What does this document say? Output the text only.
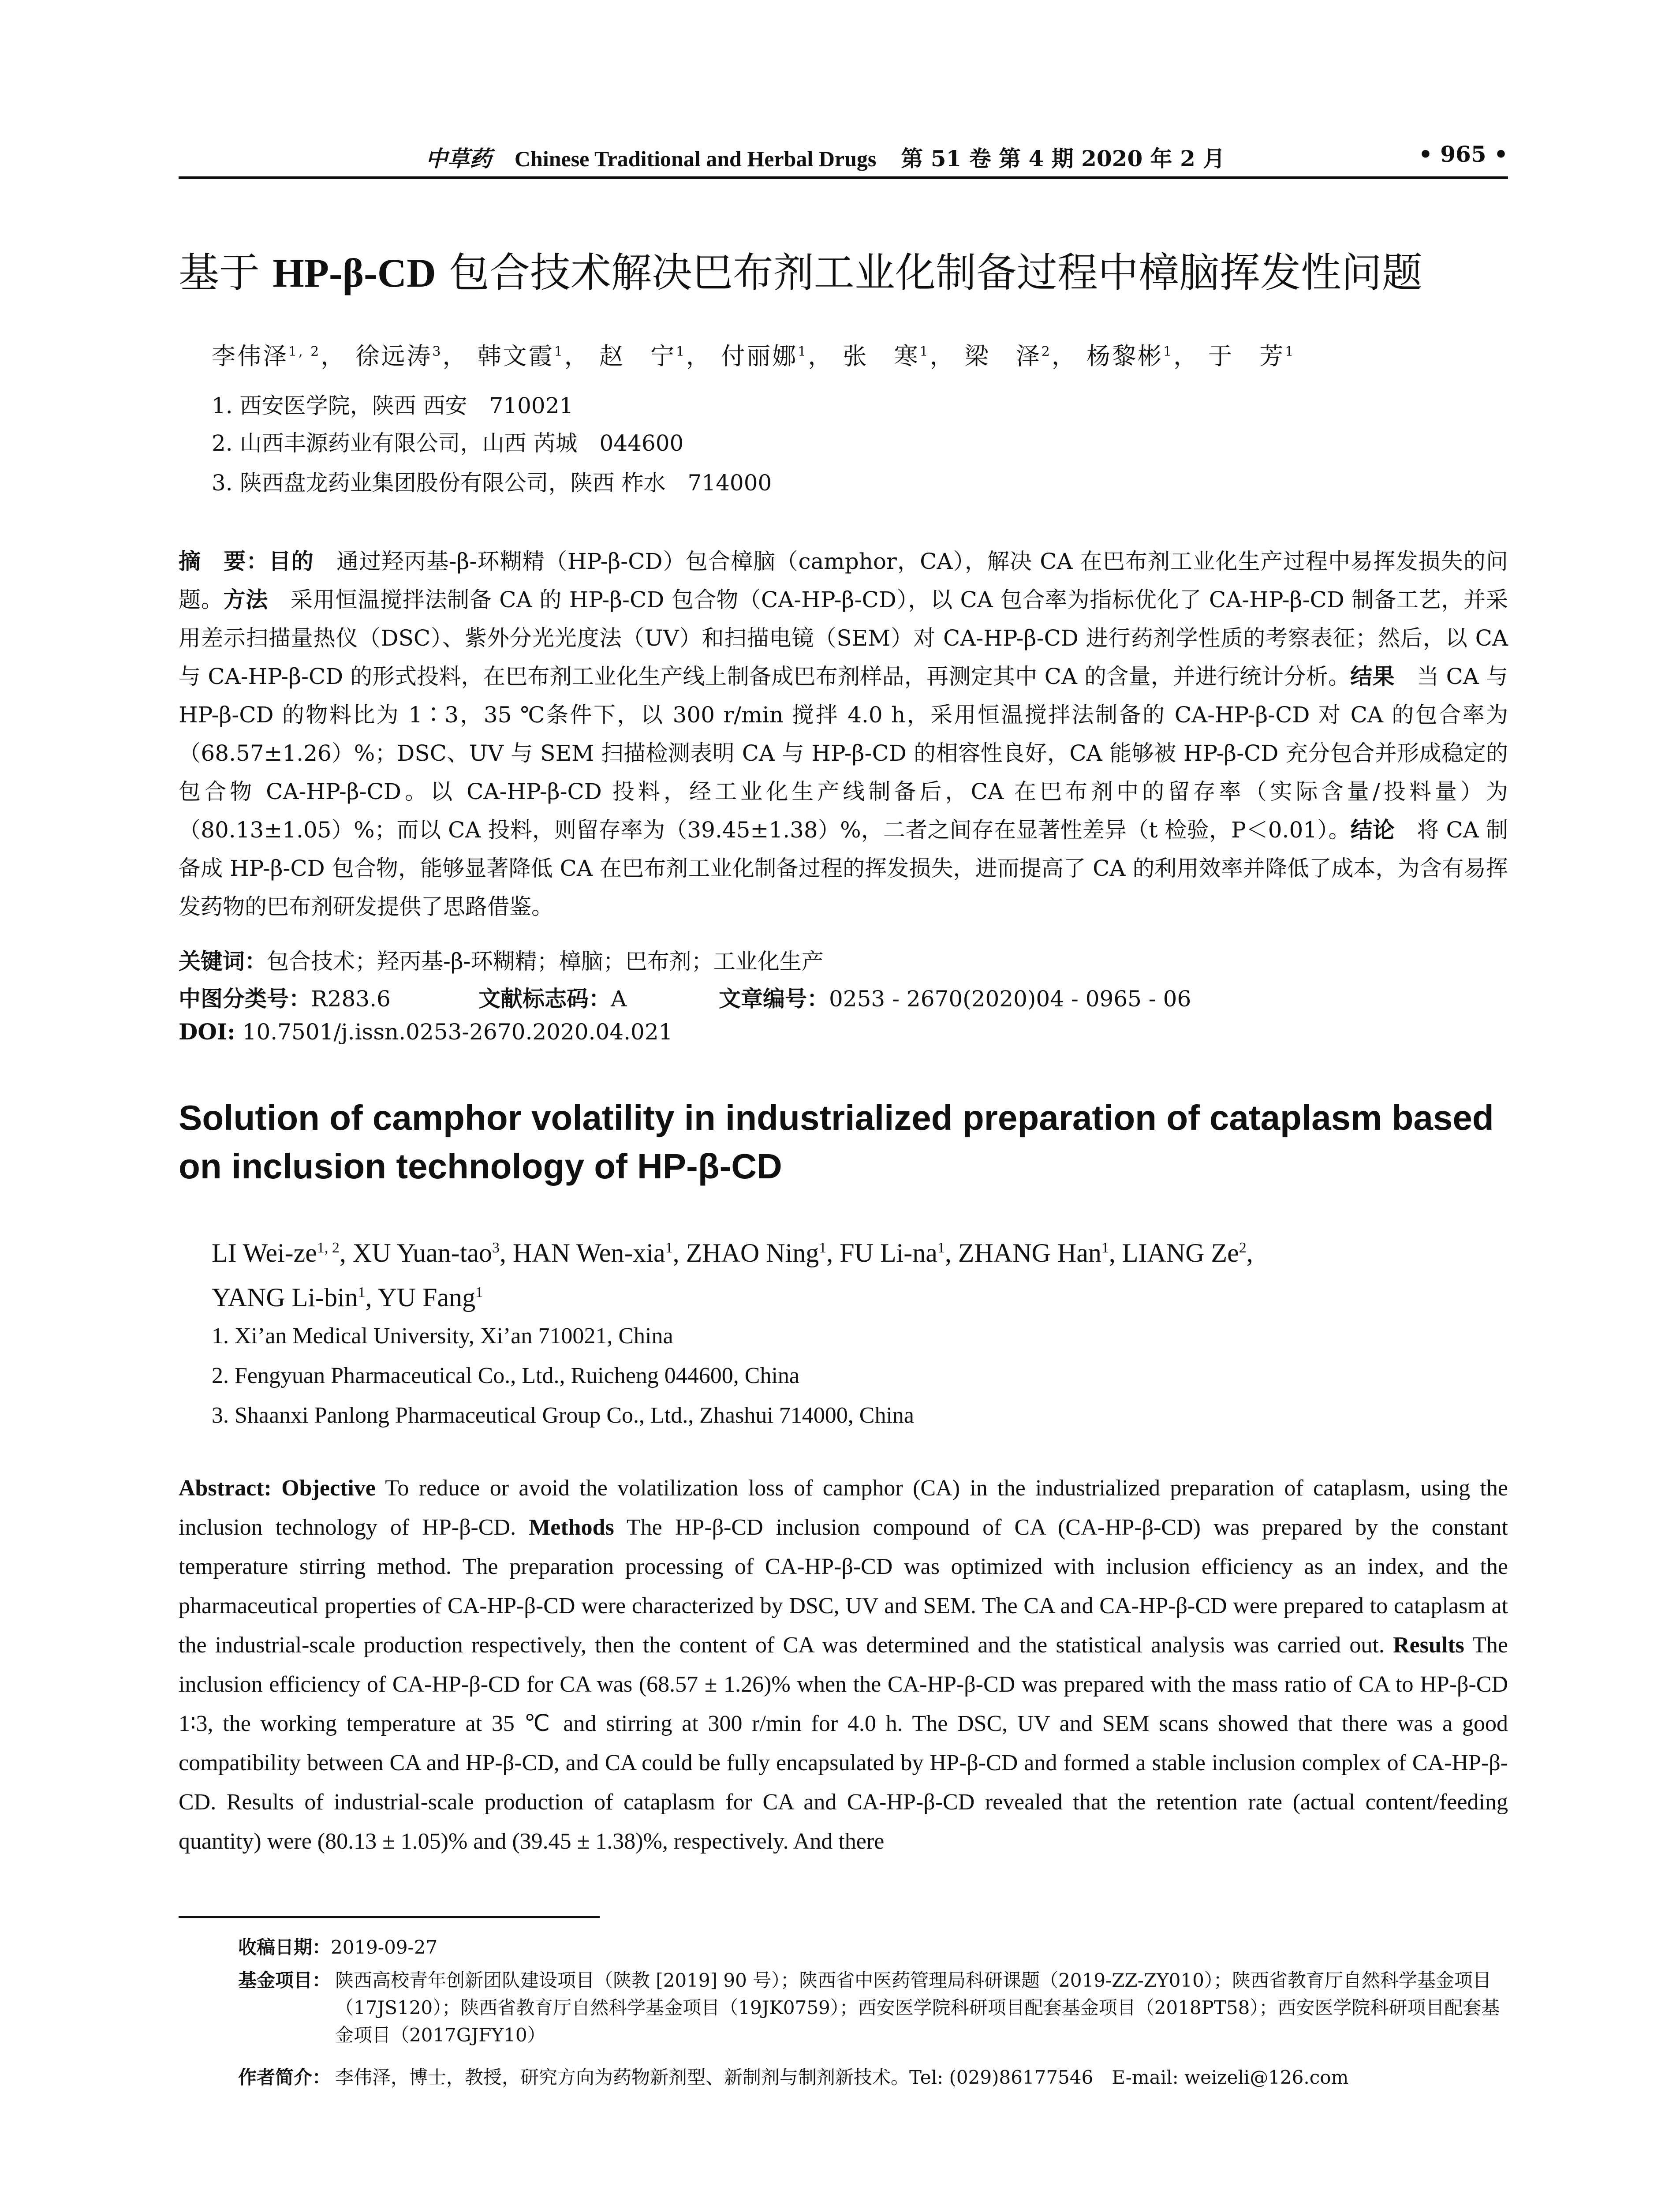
中草药 Chinese Traditional and Herbal Drugs 第 51 卷 第 4 期 2020 年 2 月	• 965 •
基于 HP-β-CD 包合技术解决巴布剂工业化制备过程中樟脑挥发性问题
李伟泽$^{1, 2}$， 徐远涛$^3$， 韩文霞$^1$， 赵　宁$^1$， 付丽娜$^1$， 张　寒$^1$， 梁　泽$^2$， 杨黎彬$^1$， 于　芳$^1$
1. 西安医学院，陕西 西安　710021
2. 山西丰源药业有限公司，山西 芮城　044600
3. 陕西盘龙药业集团股份有限公司，陕西 柞水　714000
摘　要：目的　通过羟丙基-β-环糊精（HP-β-CD）包合樟脑（camphor，CA），解决 CA 在巴布剂工业化生产过程中易挥发损失的问题。方法　采用恒温搅拌法制备 CA 的 HP-β-CD 包合物（CA-HP-β-CD），以 CA 包合率为指标优化了 CA-HP-β-CD 制备工艺，并采用差示扫描量热仪（DSC）、紫外分光光度法（UV）和扫描电镜（SEM）对 CA-HP-β-CD 进行药剂学性质的考察表征；然后，以 CA 与 CA-HP-β-CD 的形式投料，在巴布剂工业化生产线上制备成巴布剂样品，再测定其中 CA 的含量，并进行统计分析。结果　当 CA 与 HP-β-CD 的物料比为 1∶3，35 ℃条件下，以 300 r/min 搅拌 4.0 h，采用恒温搅拌法制备的 CA-HP-β-CD 对 CA 的包合率为（68.57±1.26）%；DSC、UV 与 SEM 扫描检测表明 CA 与 HP-β-CD 的相容性良好，CA 能够被 HP-β-CD 充分包合并形成稳定的包合物 CA-HP-β-CD。以 CA-HP-β-CD 投料，经工业化生产线制备后，CA 在巴布剂中的留存率（实际含量/投料量）为（80.13±1.05）%；而以 CA 投料，则留存率为（39.45±1.38）%，二者之间存在显著性差异（t 检验，P＜0.01）。结论　将 CA 制备成 HP-β-CD 包合物，能够显著降低 CA 在巴布剂工业化制备过程的挥发损失，进而提高了 CA 的利用效率并降低了成本，为含有易挥发药物的巴布剂研发提供了思路借鉴。
关键词：包合技术；羟丙基-β-环糊精；樟脑；巴布剂；工业化生产
中图分类号：R283.6	文献标志码：A	文章编号：0253 - 2670(2020)04 - 0965 - 06
DOI: 10.7501/j.issn.0253-2670.2020.04.021
Solution of camphor volatility in industrialized preparation of cataplasm based on inclusion technology of HP-β-CD
LI Wei-ze$^{1, 2}$, XU Yuan-tao$^3$, HAN Wen-xia$^1$, ZHAO Ning$^1$, FU $Li-na^1$, ZHANG Han$^1$, LIANG Ze$^2$,
YANG Li-bin$^1$, YU Fang$^1$
1. Xi’an Medical University, Xi’an 710021, China
2. Fengyuan Pharmaceutical Co., Ltd., Ruicheng 044600, China
3. Shaanxi Panlong Pharmaceutical Group Co., Ltd., Zhashui 714000, China
Abstract: Objective To reduce or avoid the volatilization loss of camphor (CA) in the industrialized preparation of cataplasm, using the inclusion technology of HP-β-CD. Methods The HP-β-CD inclusion compound of CA (CA-HP-β-CD) was prepared by the constant temperature stirring method. The preparation processing of CA-HP-β-CD was optimized with inclusion efficiency as an index, and the pharmaceutical properties of CA-HP-β-CD were characterized by DSC, UV and SEM. The CA and CA-HP-β-CD were prepared to cataplasm at the industrial-scale production respectively, then the content of CA was determined and the statistical analysis was carried out. Results The inclusion efficiency of CA-HP-β-CD for CA was (68.57 ± 1.26)% when the CA-HP-β-CD was prepared with the mass ratio of CA to HP-β-CD 1∶3, the working temperature at 35 ℃ and stirring at 300 r/min for 4.0 h. The DSC, UV and SEM scans showed that there was a good compatibility between CA and HP-β-CD, and CA could be fully encapsulated by HP-β-CD and formed a stable inclusion complex of CA-HP-β-CD. Results of industrial-scale production of cataplasm for CA and CA-HP-β-CD revealed that the retention rate (actual content/feeding quantity) were (80.13 ± 1.05)% and (39.45 ± 1.38)%, respectively. And there
收稿日期：2019-09-27
基金项目： 陕西高校青年创新团队建设项目（陕教 [2019] 90 号）；陕西省中医药管理局科研课题（2019-ZZ-ZY010）；陕西省教育厅自然科学基金项目（17JS120）；陕西省教育厅自然科学基金项目（19JK0759）；西安医学院科研项目配套基金项目（2018PT58）；西安医学院科研项目配套基金项目（2017GJFY10）
作者简介： 李伟泽，博士，教授，研究方向为药物新剂型、新制剂与制剂新技术。Tel: (029)86177546　E-mail: weizeli@126.com
